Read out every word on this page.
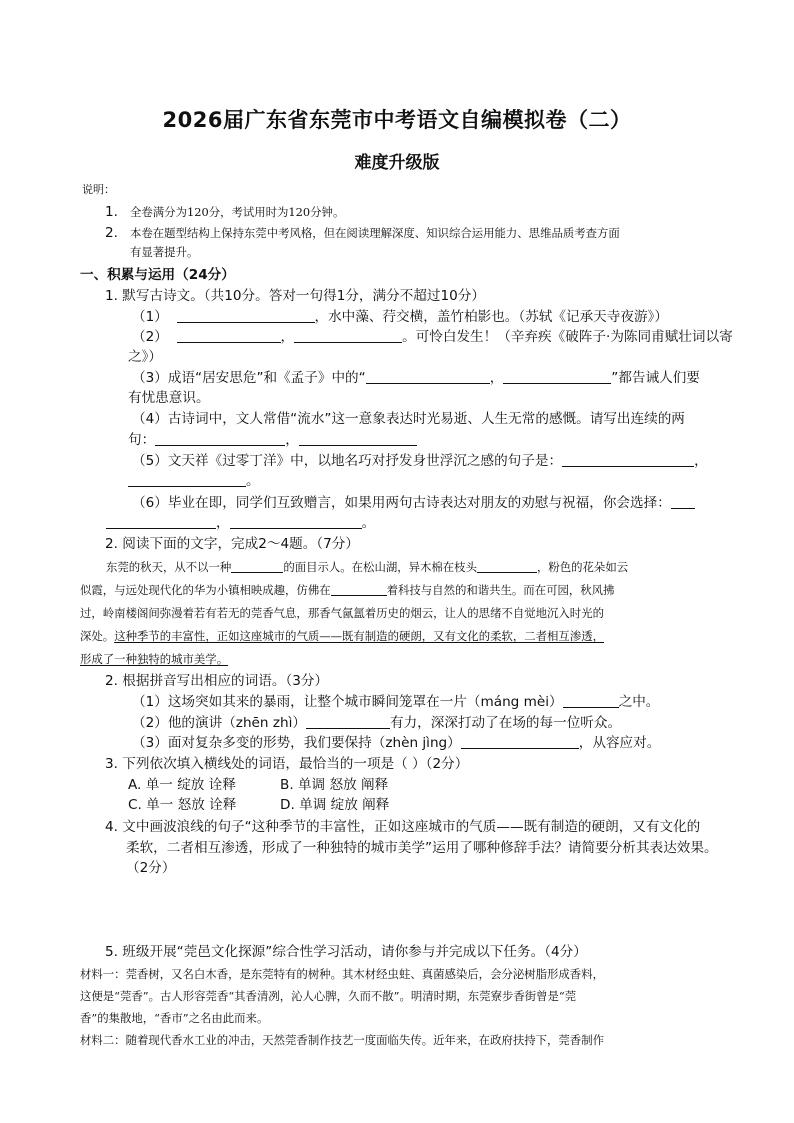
2026届广东省东莞市中考语文自编模拟卷（二）
难度升级版
说明：
1. 全卷满分为120分，考试用时为120分钟。
2. 本卷在题型结构上保持东莞中考风格，但在阅读理解深度、知识综合运用能力、思维品质考查方面
有显著提升。
一、积累与运用（24分）
1. 默写古诗文。（共10分。答对一句得1分，满分不超过10分）
（1）	，水中藻、荇交横，盖竹柏影也。（苏轼《记承天寺夜游》）
（2）	，	。可怜白发生！（辛弃疾《破阵子·为陈同甫赋壮词以寄
之》）
（3）成语“居安思危”和《孟子》中的“	，	”都告诫人们要
有忧患意识。
（4）古诗词中，文人常借“流水”这一意象表达时光易逝、人生无常的感慨。请写出连续的两
句：	，
（5）文天祥《过零丁洋》中，以地名巧对抒发身世浮沉之感的句子是：	，
。
（6）毕业在即，同学们互致赠言，如果用两句古诗表达对朋友的劝慰与祝福，你会选择：
，	。
2. 阅读下面的文字，完成2～4题。（7分）
东莞的秋天，从不以一种	的面目示人。在松山湖，异木棉在枝头	，粉色的花朵如云
似霞，与远处现代化的华为小镇相映成趣，仿佛在	着科技与自然的和谐共生。而在可园，秋风拂
过，岭南楼阁间弥漫着若有若无的莞香气息，那香气氤氲着历史的烟云，让人的思绪不自觉地沉入时光的
深处。这种季节的丰富性，正如这座城市的气质——既有制造的硬朗，又有文化的柔软，二者相互渗透，
形成了一种独特的城市美学。
2. 根据拼音写出相应的词语。（3分）
（1）这场突如其来的暴雨，让整个城市瞬间笼罩在一片（máng mèi）	之中。
（2）他的演讲（zhēn zhì）	有力，深深打动了在场的每一位听众。
（3）面对复杂多变的形势，我们要保持（zhèn jìng）	，从容应对。
3. 下列依次填入横线处的词语，最恰当的一项是（ ）（2分）
A. 单一 绽放 诠释	B. 单调 怒放 阐释
C. 单一 怒放 诠释	D. 单调 绽放 阐释
4. 文中画波浪线的句子“这种季节的丰富性，正如这座城市的气质——既有制造的硬朗，又有文化的
柔软，二者相互渗透，形成了一种独特的城市美学”运用了哪种修辞手法？请简要分析其表达效果。
（2分）
5. 班级开展“莞邑文化探源”综合性学习活动，请你参与并完成以下任务。（4分）
材料一：莞香树，又名白木香，是东莞特有的树种。其木材经虫蛀、真菌感染后，会分泌树脂形成香料，
这便是“莞香”。古人形容莞香“其香清冽，沁人心脾，久而不散”。明清时期，东莞寮步香街曾是“莞
香”的集散地，“香市”之名由此而来。
材料二：随着现代香水工业的冲击，天然莞香制作技艺一度面临失传。近年来，在政府扶持下，莞香制作
